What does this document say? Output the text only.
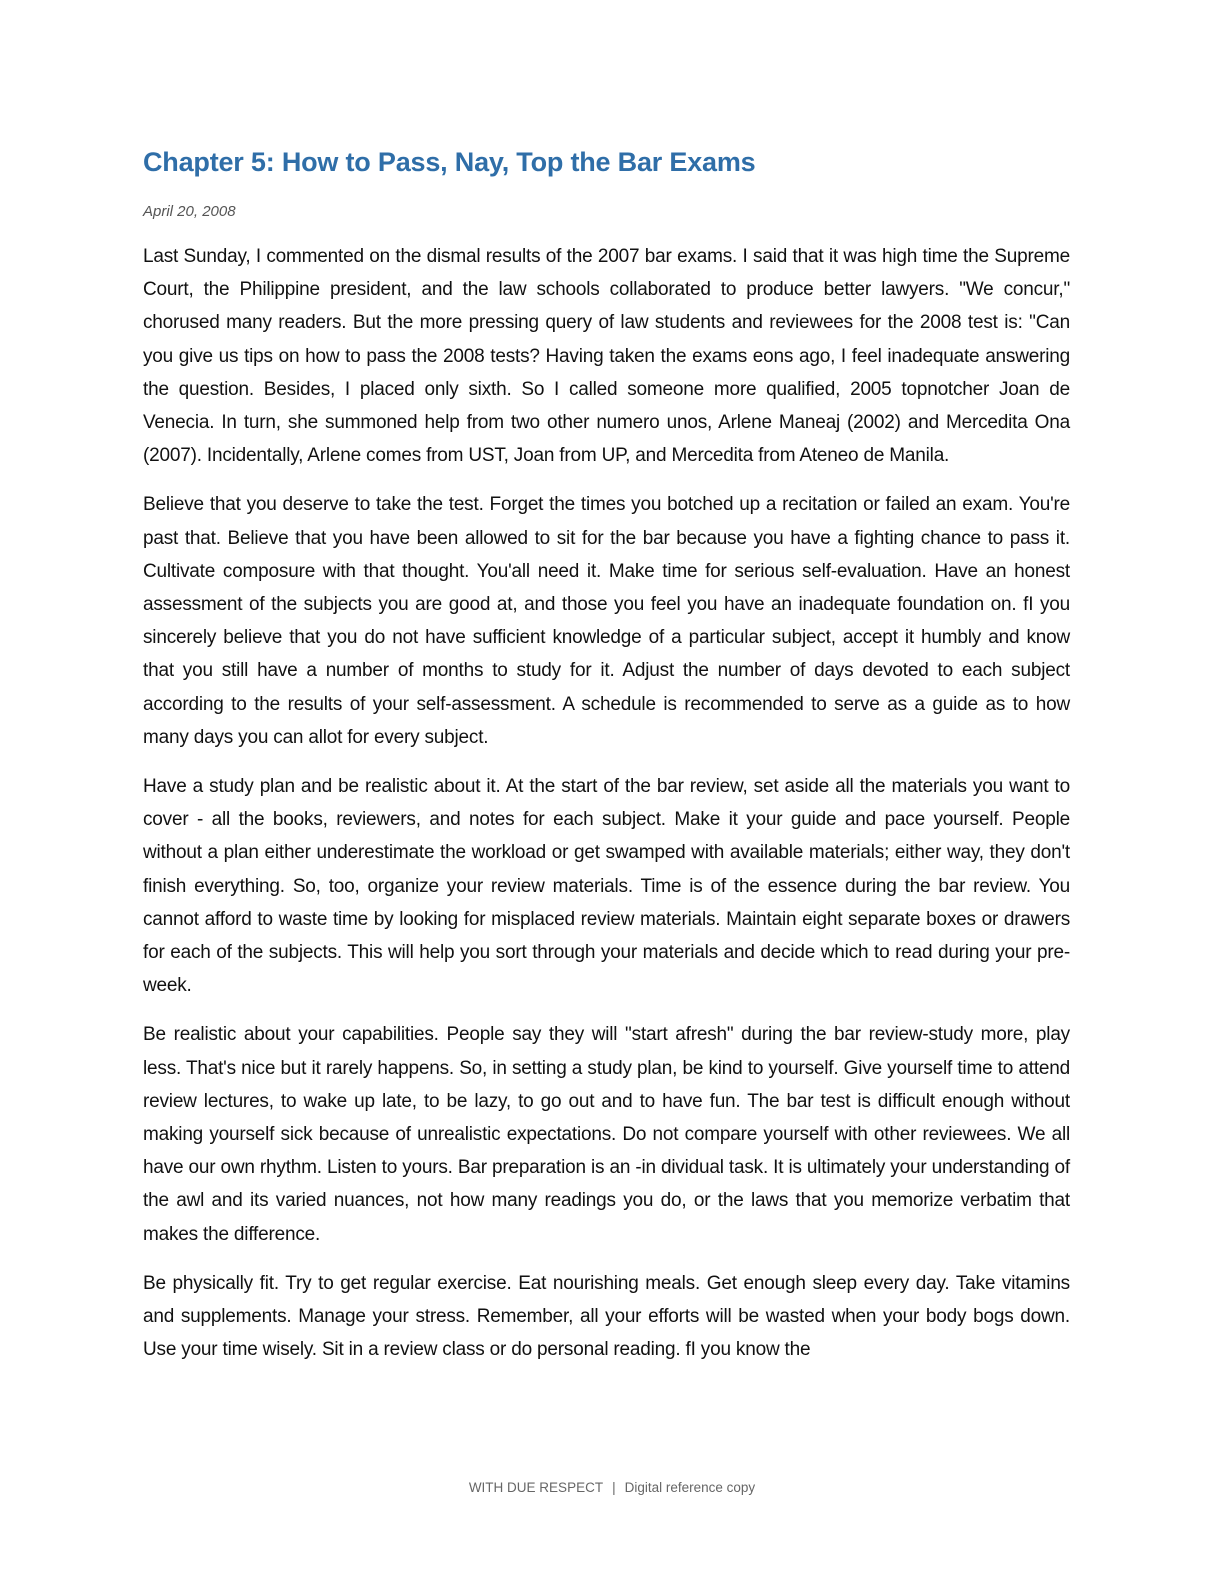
Chapter 5: How to Pass, Nay, Top the Bar Exams
April 20, 2008

Last Sunday, I commented on the dismal results of the 2007 bar exams. I said that it was high time the Supreme Court, the Philippine president, and the law schools collaborated to produce better lawyers. "We concur," chorused many readers. But the more pressing query of law students and reviewees for the 2008 test is: "Can you give us tips on how to pass the 2008 tests? Having taken the exams eons ago, I feel inadequate answering the question. Besides, I placed only sixth. So I called someone more qualified, 2005 topnotcher Joan de Venecia. In turn, she summoned help from two other numero unos, Arlene Maneaj (2002) and Mercedita Ona (2007). Incidentally, Arlene comes from UST, Joan from UP, and Mercedita from Ateneo de Manila.

Believe that you deserve to take the test. Forget the times you botched up a recitation or failed an exam. You're past that. Believe that you have been allowed to sit for the bar because you have a fighting chance to pass it. Cultivate composure with that thought. You'all need it. Make time for serious self-evaluation. Have an honest assessment of the subjects you are good at, and those you feel you have an inadequate foundation on. fI you sincerely believe that you do not have sufficient knowledge of a particular subject, accept it humbly and know that you still have a number of months to study for it. Adjust the number of days devoted to each subject according to the results of your self-assessment. A schedule is recommended to serve as a guide as to how many days you can allot for every subject.

Have a study plan and be realistic about it. At the start of the bar review, set aside all the materials you want to cover - all the books, reviewers, and notes for each subject. Make it your guide and pace yourself. People without a plan either underestimate the workload or get swamped with available materials; either way, they don't finish everything. So, too, organize your review materials. Time is of the essence during the bar review. You cannot afford to waste time by looking for misplaced review materials. Maintain eight separate boxes or drawers for each of the subjects. This will help you sort through your materials and decide which to read during your pre-week.

Be realistic about your capabilities. People say they will "start afresh" during the bar review-study more, play less. That's nice but it rarely happens. So, in setting a study plan, be kind to yourself. Give yourself time to attend review lectures, to wake up late, to be lazy, to go out and to have fun. The bar test is difficult enough without making yourself sick because of unrealistic expectations. Do not compare yourself with other reviewees. We all have our own rhythm. Listen to yours. Bar preparation is an -in dividual task. It is ultimately your understanding of the awl and its varied nuances, not how many readings you do, or the laws that you memorize verbatim that makes the difference.

Be physically fit. Try to get regular exercise. Eat nourishing meals. Get enough sleep every day. Take vitamins and supplements. Manage your stress. Remember, all your efforts will be wasted when your body bogs down. Use your time wisely. Sit in a review class or do personal reading. fI you know the

WITH DUE RESPECT | Digital reference copy
